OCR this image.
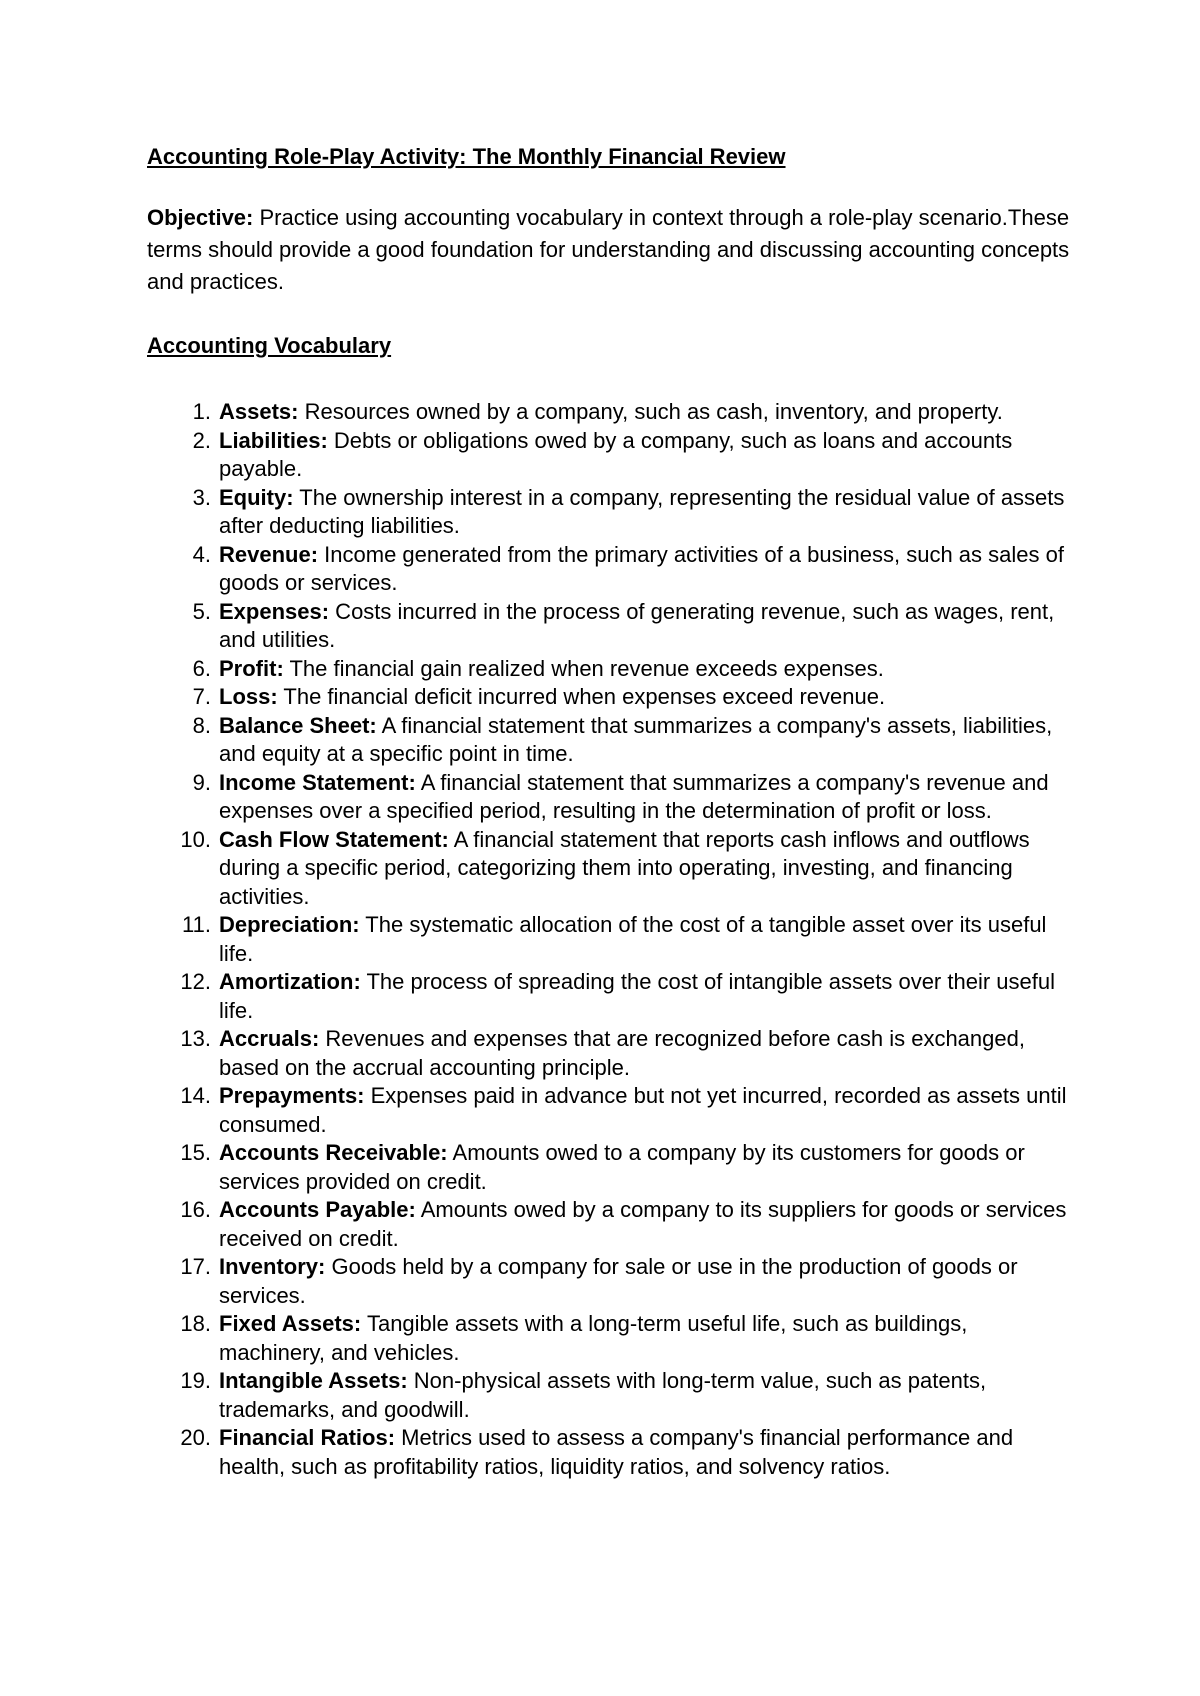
Accounting Role-Play Activity: The Monthly Financial Review
Objective: Practice using accounting vocabulary in context through a role-play scenario.These terms should provide a good foundation for understanding and discussing accounting concepts and practices.
Accounting Vocabulary
1. Assets: Resources owned by a company, such as cash, inventory, and property.
2. Liabilities: Debts or obligations owed by a company, such as loans and accounts payable.
3. Equity: The ownership interest in a company, representing the residual value of assets after deducting liabilities.
4. Revenue: Income generated from the primary activities of a business, such as sales of goods or services.
5. Expenses: Costs incurred in the process of generating revenue, such as wages, rent, and utilities.
6. Profit: The financial gain realized when revenue exceeds expenses.
7. Loss: The financial deficit incurred when expenses exceed revenue.
8. Balance Sheet: A financial statement that summarizes a company's assets, liabilities, and equity at a specific point in time.
9. Income Statement: A financial statement that summarizes a company's revenue and expenses over a specified period, resulting in the determination of profit or loss.
10. Cash Flow Statement: A financial statement that reports cash inflows and outflows during a specific period, categorizing them into operating, investing, and financing activities.
11. Depreciation: The systematic allocation of the cost of a tangible asset over its useful life.
12. Amortization: The process of spreading the cost of intangible assets over their useful life.
13. Accruals: Revenues and expenses that are recognized before cash is exchanged, based on the accrual accounting principle.
14. Prepayments: Expenses paid in advance but not yet incurred, recorded as assets until consumed.
15. Accounts Receivable: Amounts owed to a company by its customers for goods or services provided on credit.
16. Accounts Payable: Amounts owed by a company to its suppliers for goods or services received on credit.
17. Inventory: Goods held by a company for sale or use in the production of goods or services.
18. Fixed Assets: Tangible assets with a long-term useful life, such as buildings, machinery, and vehicles.
19. Intangible Assets: Non-physical assets with long-term value, such as patents, trademarks, and goodwill.
20. Financial Ratios: Metrics used to assess a company's financial performance and health, such as profitability ratios, liquidity ratios, and solvency ratios.
